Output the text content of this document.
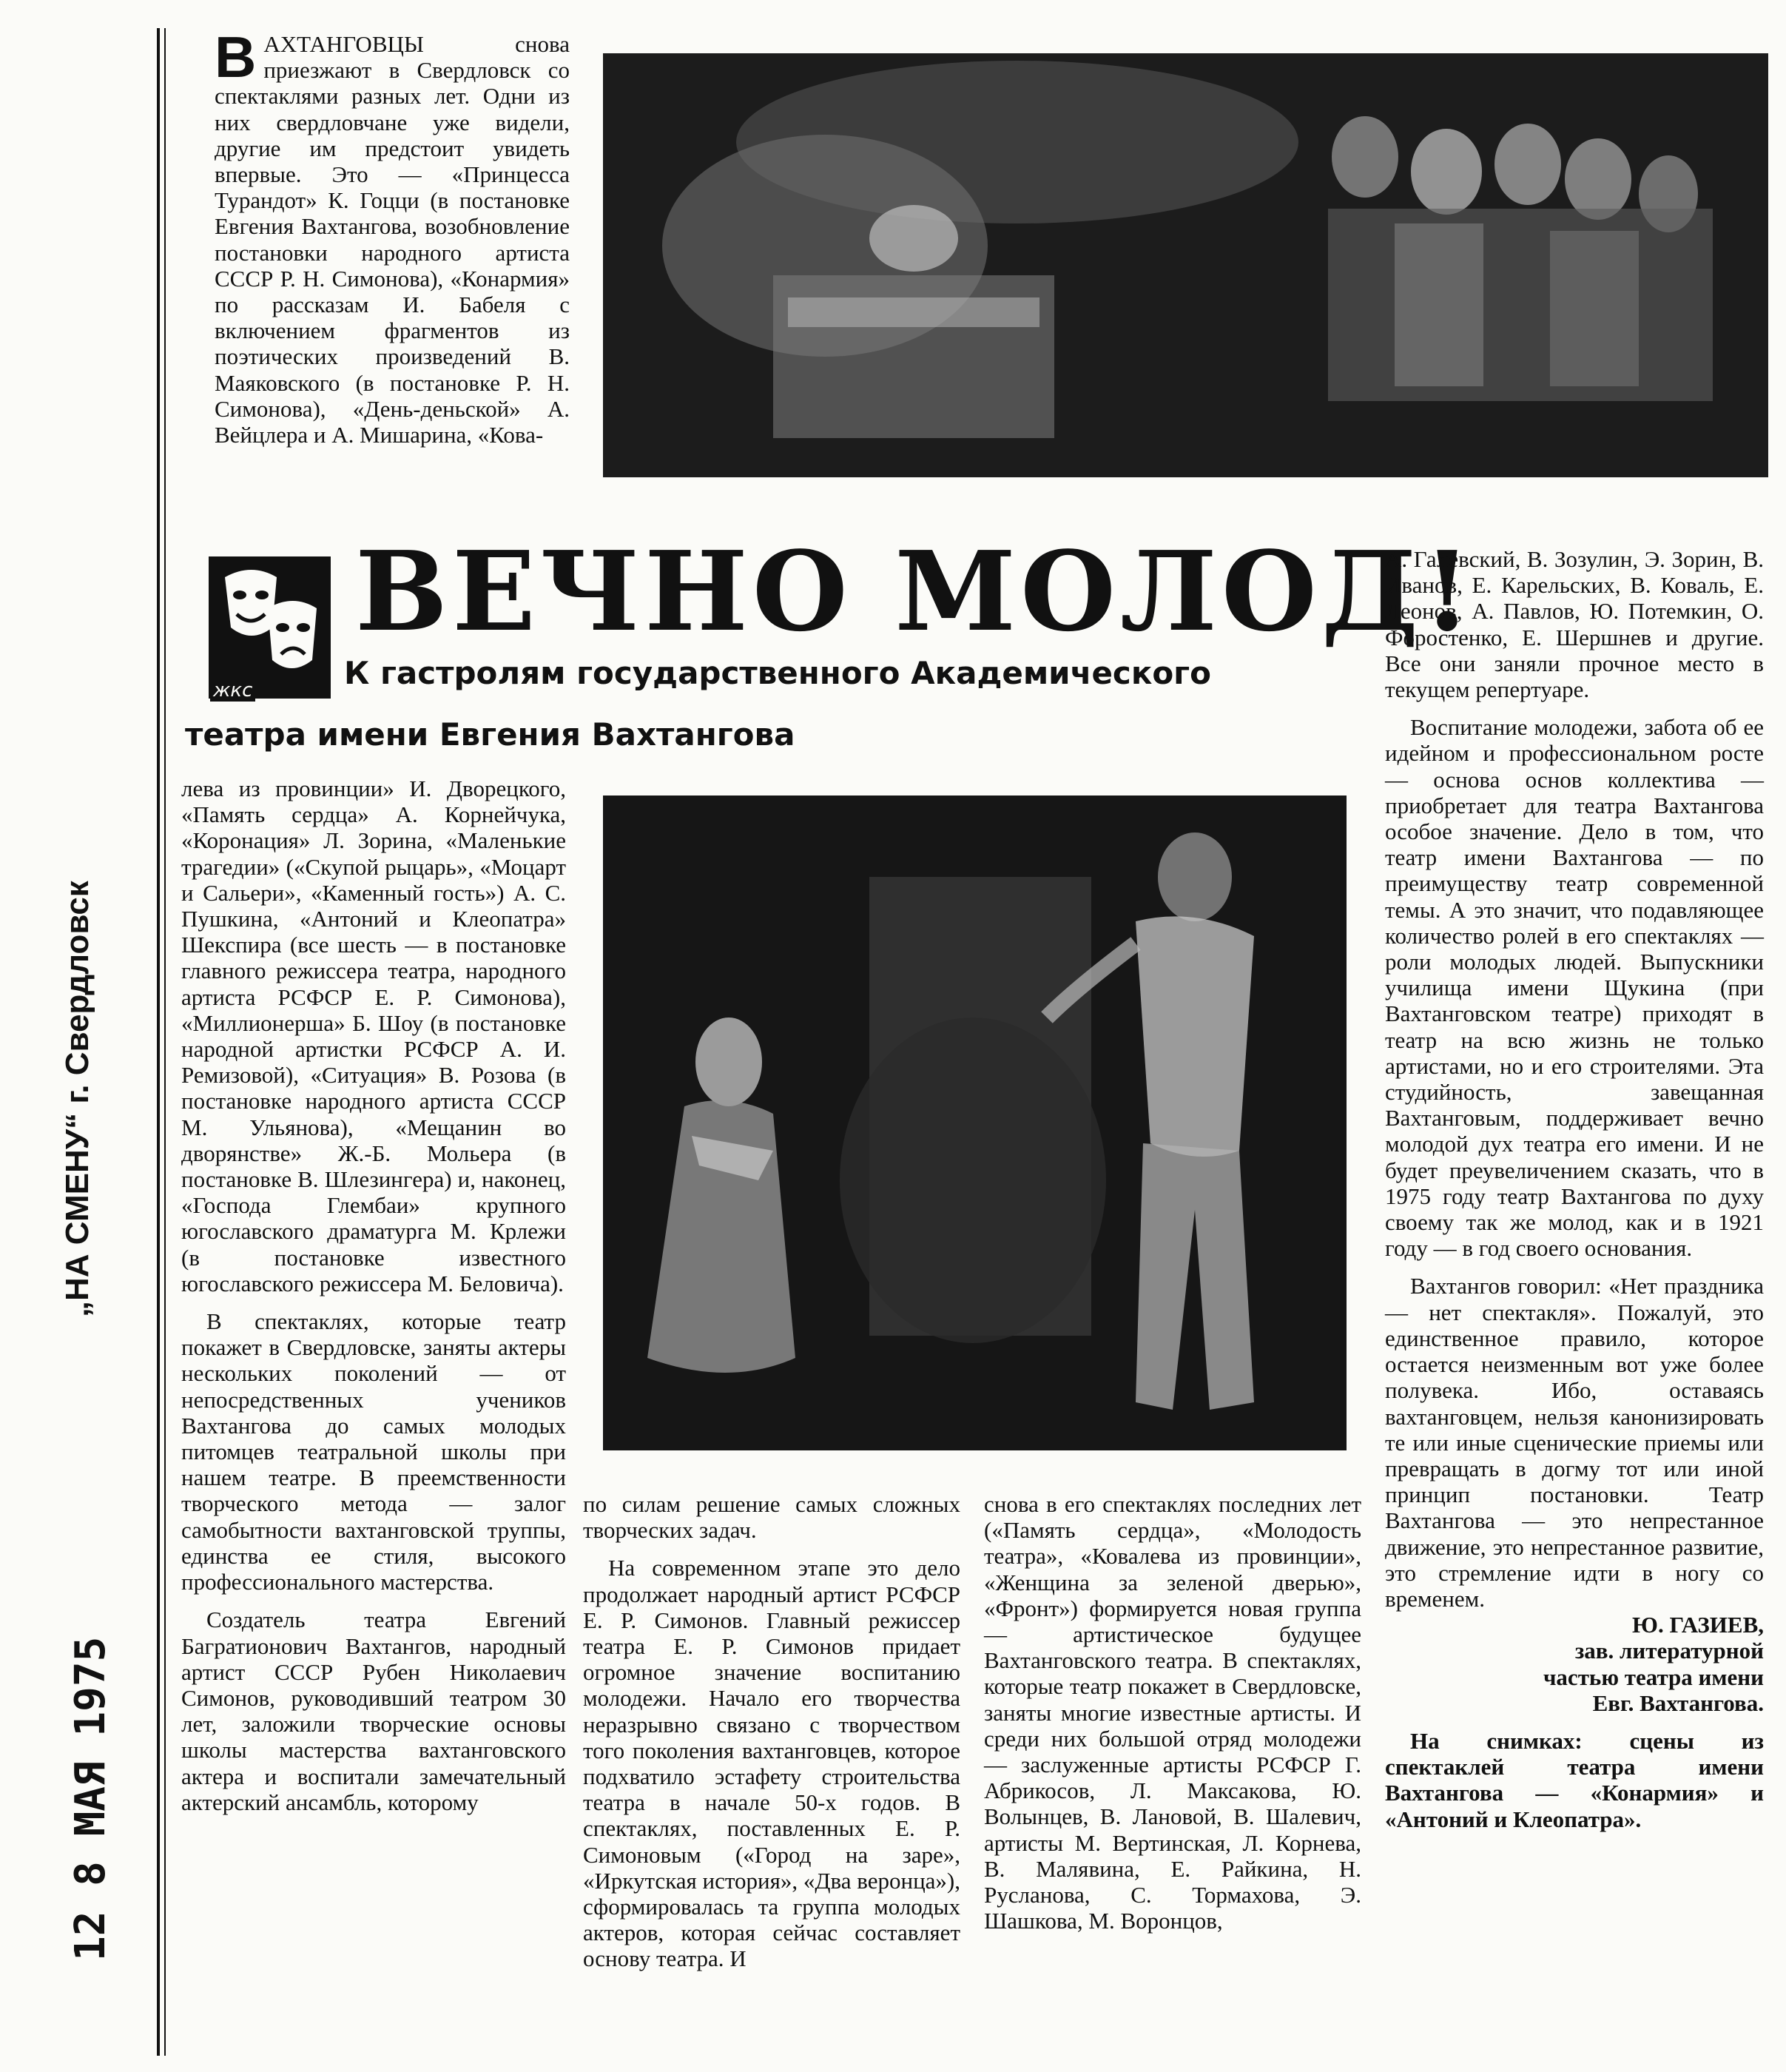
„НА СМЕНУ“ г. Свердловск
12 8 МАЯ 1975
В АХТАНГОВЦЫ снова приезжают в Свердловск со спектаклями разных лет. Одни из них свердловчане уже видели, другие им предстоит увидеть впервые. Это — «Принцесса Турандот» К. Гоцци (в постановке Евгения Вахтангова, возобновление постановки народного артиста СССР Р. Н. Симонова), «Конармия» по рассказам И. Бабеля с включением фрагментов из поэтических произведений В. Маяковского (в постановке Р. Н. Симонова), «День-деньской» А. Вейцлера и А. Мишарина, «Кова-
жкс
ВЕЧНО МОЛОД!
К гастролям государственного Академического
театра имени Евгения Вахтангова

лева из провинции» И. Дворецкого, «Память сердца» А. Корнейчука, «Коронация» Л. Зорина, «Маленькие трагедии» («Скупой рыцарь», «Моцарт и Сальери», «Каменный гость») А. С. Пушкина, «Антоний и Клеопатра» Шекспира (все шесть — в постановке главного режиссера театра, народного артиста РСФСР Е. Р. Симонова), «Миллионерша» Б. Шоу (в постановке народной артистки РСФСР А. И. Ремизовой), «Ситуация» В. Розова (в постановке народного артиста СССР М. Ульянова), «Мещанин во дворянстве» Ж.-Б. Мольера (в постановке В. Шлезингера) и, наконец, «Господа Глембаи» крупного югославского драматурга М. Крлежи (в постановке известного югославского режиссера М. Беловича).

В спектаклях, которые театр покажет в Свердловске, заняты актеры нескольких поколений — от непосредственных учеников Вахтангова до самых молодых питомцев театральной школы при нашем театре. В преемственности творческого метода — залог самобытности вахтанговской труппы, единства ее стиля, высокого профессионального мастерства.

Создатель театра Евгений Багратионович Вахтангов, народный артист СССР Рубен Николаевич Симонов, руководивший театром 30 лет, заложили творческие основы школы мастерства вахтанговского актера и воспитали замечательный актерский ансамбль, которому

по силам решение самых сложных творческих задач.

На современном этапе это дело продолжает народный артист РСФСР Е. Р. Симонов. Главный режиссер театра Е. Р. Симонов придает огромное значение воспитанию молодежи. Начало его творчества неразрывно связано с творчеством того поколения вахтанговцев, которое подхватило эстафету строительства театра в начале 50-х годов. В спектаклях, поставленных Е. Р. Симоновым («Город на заре», «Иркутская история», «Два веронца»), сформировалась та группа молодых актеров, которая сейчас составляет основу театра. И

снова в его спектаклях последних лет («Память сердца», «Молодость театра», «Ковалева из провинции», «Женщина за зеленой дверью», «Фронт») формируется новая группа — артистическое будущее Вахтанговского театра. В спектаклях, которые театр покажет в Свердловске, заняты многие известные артисты. И среди них большой отряд молодежи — заслуженные артисты РСФСР Г. Абрикосов, Л. Максакова, Ю. Волынцев, В. Лановой, В. Шалевич, артисты М. Вертинская, Л. Корнева, В. Малявина, Е. Райкина, Н. Русланова, С. Тормахова, Э. Шашкова, М. Воронцов,

А. Галевский, В. Зозулин, Э. Зорин, В. Иванов, Е. Карельских, В. Коваль, Е. Леонов, А. Павлов, Ю. Потемкин, О. Форостенко, Е. Шершнев и другие. Все они заняли прочное место в текущем репертуаре.

Воспитание молодежи, забота об ее идейном и профессиональном росте — основа основ коллектива — приобретает для театра Вахтангова особое значение. Дело в том, что театр имени Вахтангова — по преимуществу театр современной темы. А это значит, что подавляющее количество ролей в его спектаклях — роли молодых людей. Выпускники училища имени Щукина (при Вахтанговском театре) приходят в театр на всю жизнь не только артистами, но и его строителями. Эта студийность, завещанная Вахтанговым, поддерживает вечно молодой дух театра его имени. И не будет преувеличением сказать, что в 1975 году театр Вахтангова по духу своему так же молод, как и в 1921 году — в год своего основания.

Вахтангов говорил: «Нет праздника — нет спектакля». Пожалуй, это единственное правило, которое остается неизменным вот уже более полувека. Ибо, оставаясь вахтанговцем, нельзя канонизировать те или иные сценические приемы или превращать в догму тот или иной принцип постановки. Театр Вахтангова — это непрестанное движение, это непрестанное развитие, это стремление идти в ногу со временем.

Ю. ГАЗИЕВ,

зав. литературной

частью театра имени

Евг. Вахтангова.

На снимках: сцены из спектаклей театра имени Вахтангова — «Конармия» и «Антоний и Клеопатра».
